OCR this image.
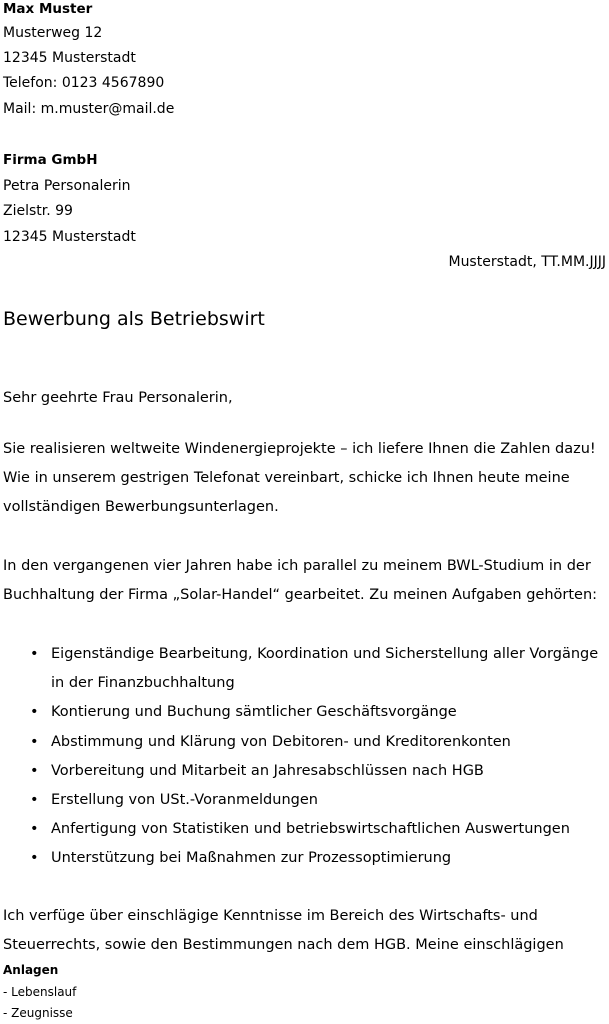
Max Muster
Musterweg 12
12345 Musterstadt
Telefon: 0123 4567890
Mail: m.muster@mail.de
Firma GmbH
Petra Personalerin
Zielstr. 99
12345 Musterstadt
Musterstadt, TT.MM.JJJJ
Bewerbung als Betriebswirt
Sehr geehrte Frau Personalerin,
Sie realisieren weltweite Windenergieprojekte – ich liefere Ihnen die Zahlen dazu!
Wie in unserem gestrigen Telefonat vereinbart, schicke ich Ihnen heute meine
vollständigen Bewerbungsunterlagen.
In den vergangenen vier Jahren habe ich parallel zu meinem BWL-Studium in der
Buchhaltung der Firma „Solar-Handel“ gearbeitet. Zu meinen Aufgaben gehörten:
• Eigenständige Bearbeitung, Koordination und Sicherstellung aller Vorgänge
in der Finanzbuchhaltung
• Kontierung und Buchung sämtlicher Geschäftsvorgänge
• Abstimmung und Klärung von Debitoren- und Kreditorenkonten
• Vorbereitung und Mitarbeit an Jahresabschlüssen nach HGB
• Erstellung von USt.-Voranmeldungen
• Anfertigung von Statistiken und betriebswirtschaftlichen Auswertungen
• Unterstützung bei Maßnahmen zur Prozessoptimierung
Ich verfüge über einschlägige Kenntnisse im Bereich des Wirtschafts- und
Steuerrechts, sowie den Bestimmungen nach dem HGB. Meine einschlägigen
Anlagen
- Lebenslauf
- Zeugnisse
